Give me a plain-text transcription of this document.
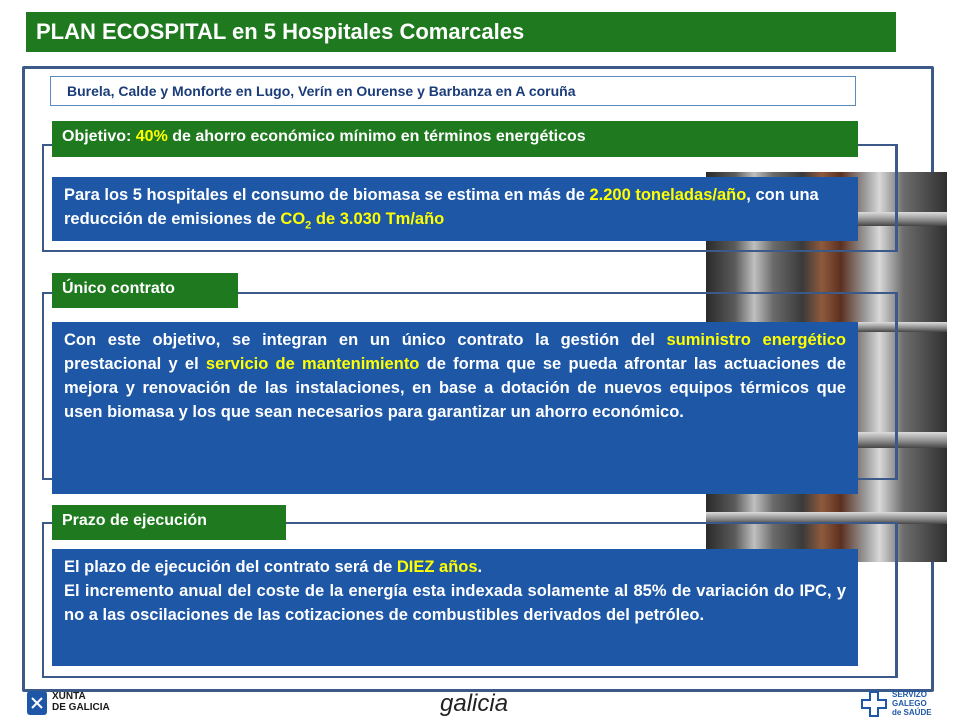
PLAN ECOSPITAL en 5 Hospitales Comarcales
Burela, Calde y Monforte en Lugo, Verín en Ourense y Barbanza en A coruña
Objetivo: 40% de ahorro económico mínimo en términos energéticos
Para los 5 hospitales el consumo de biomasa se estima en más de 2.200 toneladas/año, con una reducción de emisiones de $CO_2$ de 3.030 Tm/año
Único contrato
Con este objetivo, se integran en un único contrato la gestión del suministro energético prestacional y el servicio de mantenimiento de forma que se pueda afrontar las actuaciones de mejora y renovación de las instalaciones, en base a dotación de nuevos equipos térmicos que usen biomasa y los que sean necesarios para garantizar un ahorro económico.
Prazo de ejecución
El plazo de ejecución del contrato será de DIEZ años.
El incremento anual del coste de la energía esta indexada solamente al 85% de variación do IPC, y no a las oscilaciones de las cotizaciones de combustibles derivados del petróleo.
XUNTA
DE GALICIA	galicia	SERVIZO
GALEGO
de SAÚDE
